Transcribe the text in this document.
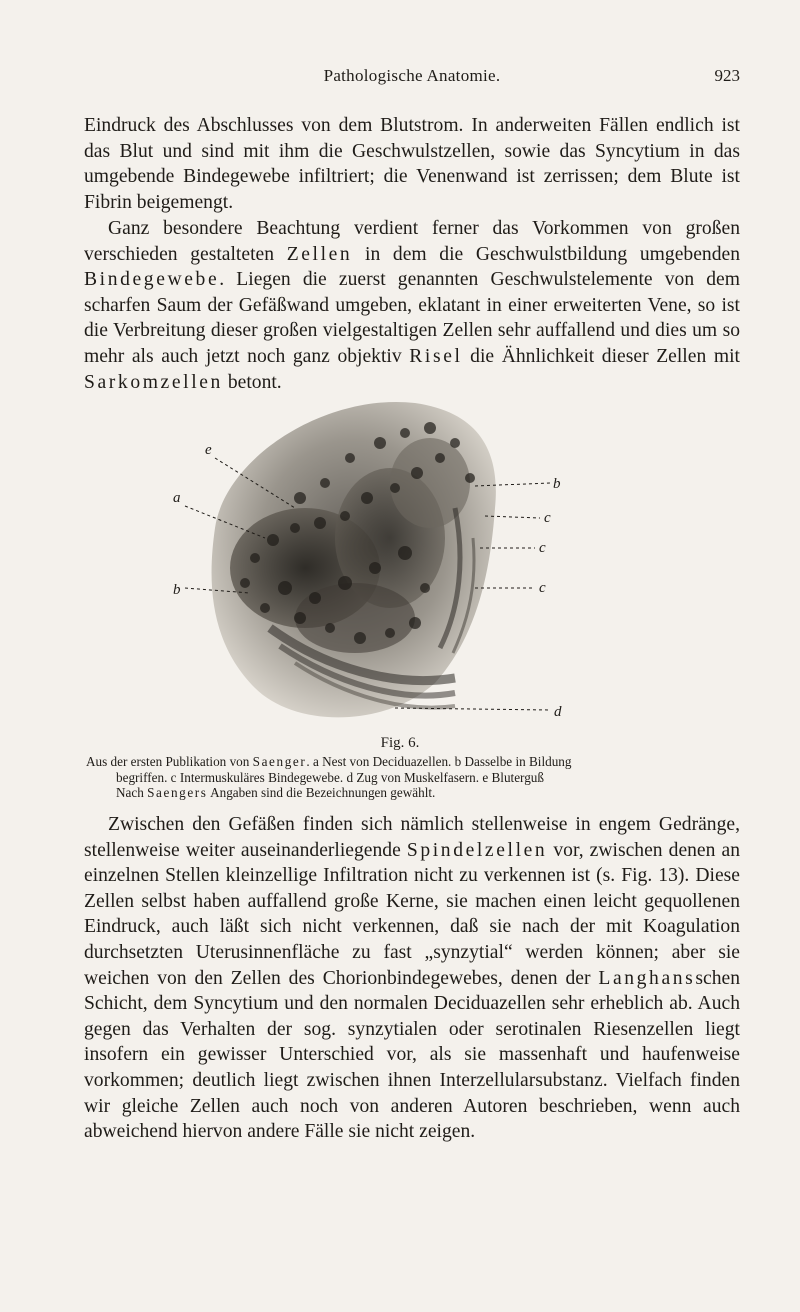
Pathologische Anatomie.	923

Eindruck des Abschlusses von dem Blutstrom. In anderweiten Fällen endlich ist das Blut und sind mit ihm die Geschwulstzellen, sowie das Syncytium in das umgebende Bindegewebe infiltriert; die Venenwand ist zerrissen; dem Blute ist Fibrin beigemengt.

Ganz besondere Beachtung verdient ferner das Vorkommen von großen verschieden gestalteten Zellen in dem die Geschwulstbildung umgebenden Bindegewebe. Liegen die zuerst genannten Geschwulstelemente von dem scharfen Saum der Gefäßwand umgeben, eklatant in einer erweiterten Vene, so ist die Verbreitung dieser großen vielgestaltigen Zellen sehr auffallend und dies um so mehr als auch jetzt noch ganz objektiv Risel die Ähnlichkeit dieser Zellen mit Sarkomzellen betont.

e
a
b
b
c
c
c
d
Fig. 6.

Aus der ersten Publikation von Saenger. a Nest von Deciduazellen. b Dasselbe in Bildung
begriffen. c Intermuskuläres Bindegewebe. d Zug von Muskelfasern. e Bluterguß
Nach Saengers Angaben sind die Bezeichnungen gewählt.

Zwischen den Gefäßen finden sich nämlich stellenweise in engem Gedränge, stellenweise weiter auseinanderliegende Spindelzellen vor, zwischen denen an einzelnen Stellen kleinzellige Infiltration nicht zu verkennen ist (s. Fig. 13). Diese Zellen selbst haben auffallend große Kerne, sie machen einen leicht gequollenen Eindruck, auch läßt sich nicht verkennen, daß sie nach der mit Koagulation durchsetzten Uterusinnenfläche zu fast „synzytial“ werden können; aber sie weichen von den Zellen des Chorionbindegewebes, denen der Langhansschen Schicht, dem Syncytium und den normalen Deciduazellen sehr erheblich ab. Auch gegen das Verhalten der sog. synzytialen oder serotinalen Riesenzellen liegt insofern ein gewisser Unterschied vor, als sie massenhaft und haufenweise vorkommen; deutlich liegt zwischen ihnen Interzellularsubstanz. Vielfach finden wir gleiche Zellen auch noch von anderen Autoren beschrieben, wenn auch abweichend hiervon andere Fälle sie nicht zeigen.
